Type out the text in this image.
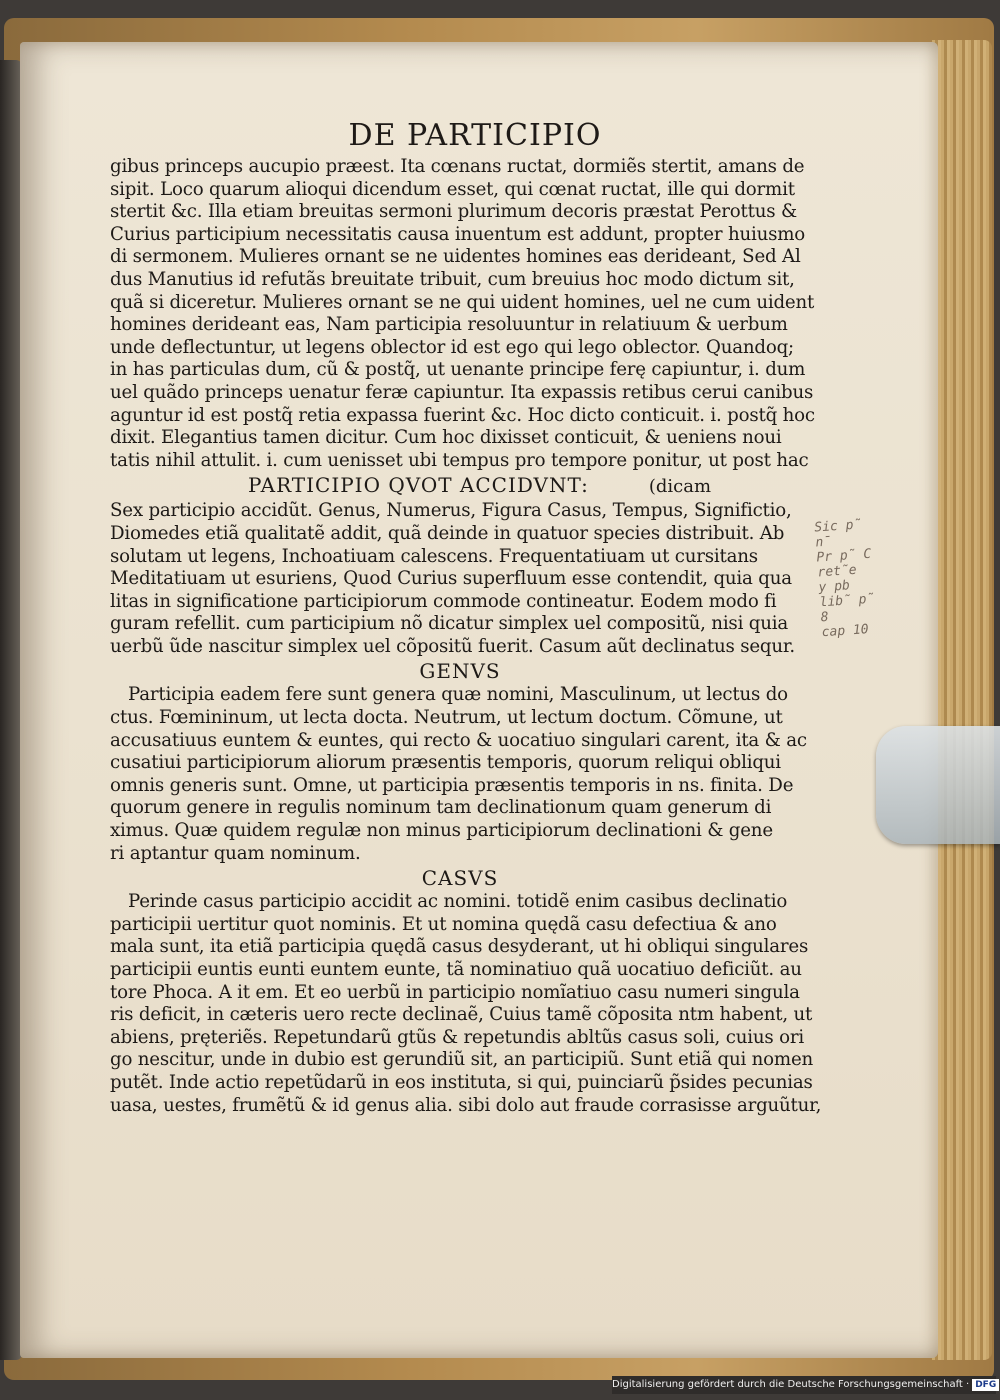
DE PARTICIPIO
gibus princeps aucupio præest. Ita cœnans ructat, dormiẽs stertit, amans de
sipit. Loco quarum alioqui dicendum esset, qui cœnat ructat, ille qui dormit
stertit &c. Illa etiam breuitas sermoni plurimum decoris præstat Perottus &
Curius participium necessitatis causa inuentum est addunt, propter huiusmo
di sermonem. Mulieres ornant se ne uidentes homines eas derideant, Sed Al
dus Manutius id refutãs breuitate tribuit, cum breuius hoc modo dictum sit,
quã si diceretur. Mulieres ornant se ne qui uident homines, uel ne cum uident
homines derideant eas, Nam participia resoluuntur in relatiuum & uerbum
unde deflectuntur, ut legens oblector id est ego qui lego oblector. Quandoq;
in has particulas dum, cũ & postq̃, ut uenante principe ferę capiuntur, i. dum
uel quãdo princeps uenatur feræ capiuntur. Ita expassis retibus cerui canibus
aguntur id est postq̃ retia expassa fuerint &c. Hoc dicto conticuit. i. postq̃ hoc
dixit. Elegantius tamen dicitur. Cum hoc dixisset conticuit, & ueniens noui
tatis nihil attulit. i. cum uenisset ubi tempus pro tempore ponitur, ut post hac
PARTICIPIO QVOT ACCIDVNT:	(dicam
Sex participio accidũt. Genus, Numerus, Figura Casus, Tempus, Significtio,
Diomedes etiã qualitatẽ addit, quã deinde in quatuor species distribuit. Ab
solutam ut legens, Inchoatiuam calescens. Frequentatiuam ut cursitans
Meditatiuam ut esuriens, Quod Curius superfluum esse contendit, quia qua
litas in significatione participiorum commode contineatur. Eodem modo fi
guram refellit. cum participium nõ dicatur simplex uel compositũ, nisi quia
uerbũ ũde nascitur simplex uel cõpositũ fuerit. Casum aũt declinatus sequr.
GENVS
Participia eadem fere sunt genera quæ nomini, Masculinum, ut lectus do
ctus. Fœmininum, ut lecta docta. Neutrum, ut lectum doctum. Cõmune, ut
accusatiuus euntem & euntes, qui recto & uocatiuo singulari carent, ita & ac
cusatiui participiorum aliorum præsentis temporis, quorum reliqui obliqui
omnis generis sunt. Omne, ut participia præsentis temporis in ns. finita. De
quorum genere in regulis nominum tam declinationum quam generum di
ximus. Quæ quidem regulæ non minus participiorum declinationi & gene
ri aptantur quam nominum.
CASVS
Perinde casus participio accidit ac nomini. totidẽ enim casibus declinatio
participii uertitur quot nominis. Et ut nomina quędã casu defectiua & ano
mala sunt, ita etiã participia quędã casus desyderant, ut hi obliqui singulares
participii euntis eunti euntem eunte, tã nominatiuo quã uocatiuo deficiũt. au
tore Phoca. A it em. Et eo uerbũ in participio nomĩatiuo casu numeri singula
ris deficit, in cæteris uero recte declinaẽ, Cuius tamẽ cõposita ntm habent, ut
abiens, pręteriẽs. Repetundarũ gtũs & repetundis abltũs casus soli, cuius ori
go nescitur, unde in dubio est gerundiũ sit, an participiũ. Sunt etiã qui nomen
putẽt. Inde actio repetũdarũ in eos instituta, si qui, puinciarũ p̃sides pecunias
uasa, uestes, frumẽtũ & id genus alia. sibi dolo aut fraude corrasisse arguũtur,
Sic p̃ n̄
Pr p̃ C
ret̃e
y pb
lib̃ p̃ 8
cap 10
Digitalisierung gefördert durch die Deutsche Forschungsgemeinschaft · DFG
